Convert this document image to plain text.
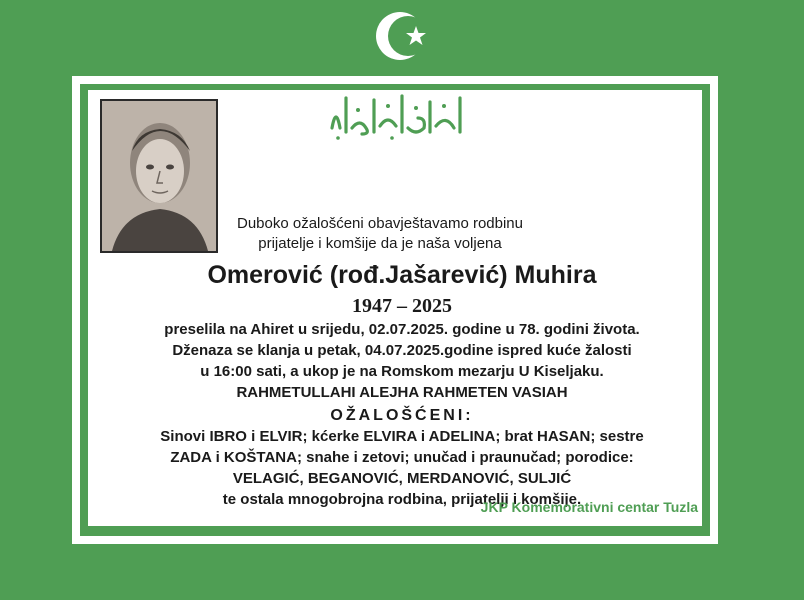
Duboko ožalošćeni obavještavamo rodbinu
prijatelje i komšije da je naša voljena
Omerović (rođ.Jašarević) Muhira
1947 – 2025
preselila na Ahiret u srijedu, 02.07.2025. godine u 78. godini života.
Dženaza se klanja u petak, 04.07.2025.godine ispred kuće žalosti
u 16:00 sati, a ukop je na Romskom mezarju U Kiseljaku.
RAHMETULLAHI ALEJHA RAHMETEN VASIAH
OŽALOŠĆENI:
Sinovi IBRO i ELVIR; kćerke ELVIRA i ADELINA; brat HASAN; sestre
ZADA i KOŠTANA; snahe i zetovi; unučad i praunučad; porodice:
VELAGIĆ, BEGANOVIĆ, MERDANOVIĆ, SULJIĆ
te ostala mnogobrojna rodbina, prijatelji i komšije.
JKP Komemorativni centar Tuzla
